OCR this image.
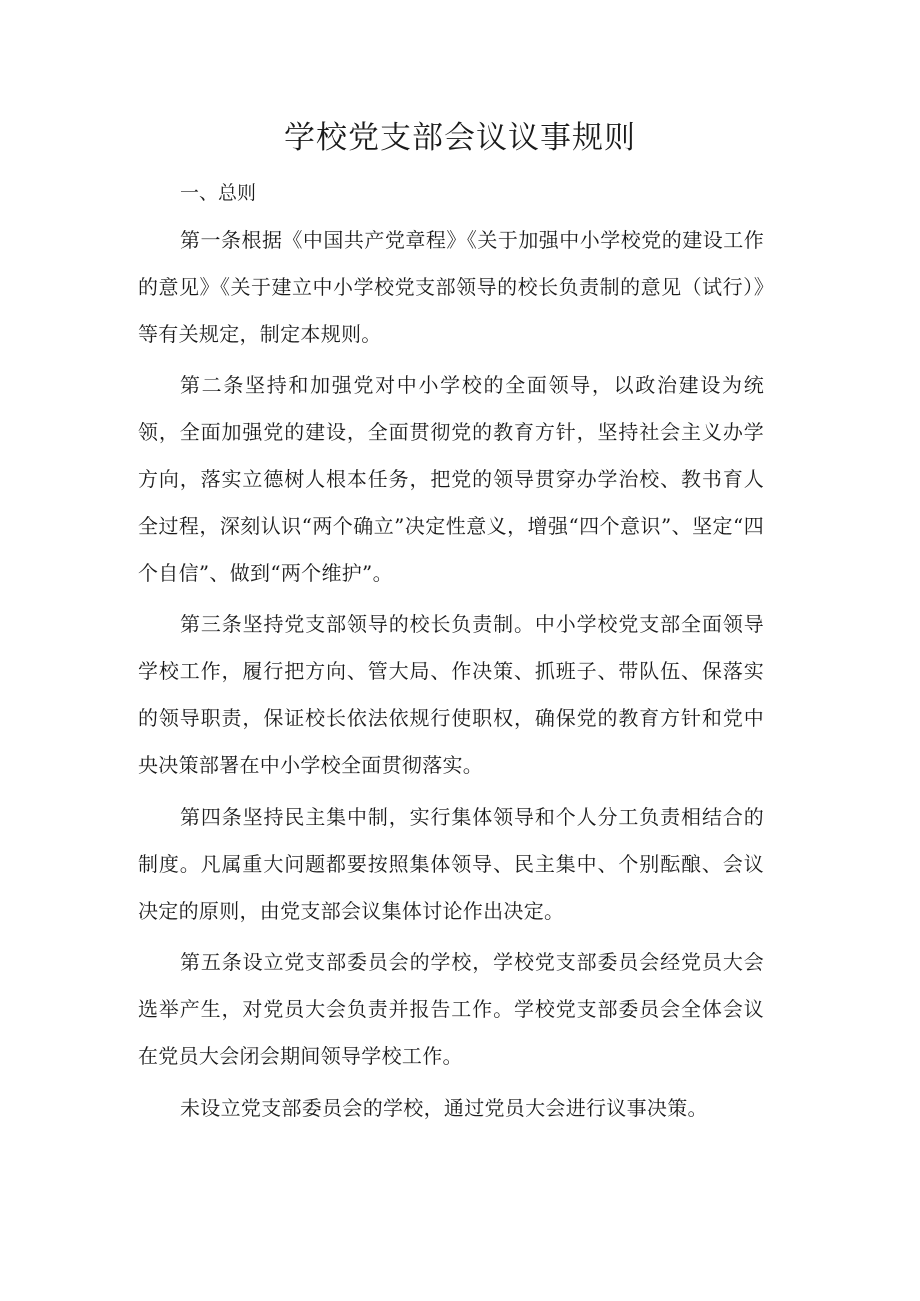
学校党支部会议议事规则

一、总则

第一条根据《中国共产党章程》《关于加强中小学校党的建设工作的意见》《关于建立中小学校党支部领导的校长负责制的意见（试行）》等有关规定，制定本规则。

第二条坚持和加强党对中小学校的全面领导，以政治建设为统领，全面加强党的建设，全面贯彻党的教育方针，坚持社会主义办学方向，落实立德树人根本任务，把党的领导贯穿办学治校、教书育人全过程，深刻认识“两个确立”决定性意义，增强“四个意识”、坚定“四个自信”、做到“两个维护”。

第三条坚持党支部领导的校长负责制。中小学校党支部全面领导学校工作，履行把方向、管大局、作决策、抓班子、带队伍、保落实的领导职责，保证校长依法依规行使职权，确保党的教育方针和党中央决策部署在中小学校全面贯彻落实。

第四条坚持民主集中制，实行集体领导和个人分工负责相结合的制度。凡属重大问题都要按照集体领导、民主集中、个别酝酿、会议决定的原则，由党支部会议集体讨论作出决定。

第五条设立党支部委员会的学校，学校党支部委员会经党员大会选举产生，对党员大会负责并报告工作。学校党支部委员会全体会议在党员大会闭会期间领导学校工作。

未设立党支部委员会的学校，通过党员大会进行议事决策。
